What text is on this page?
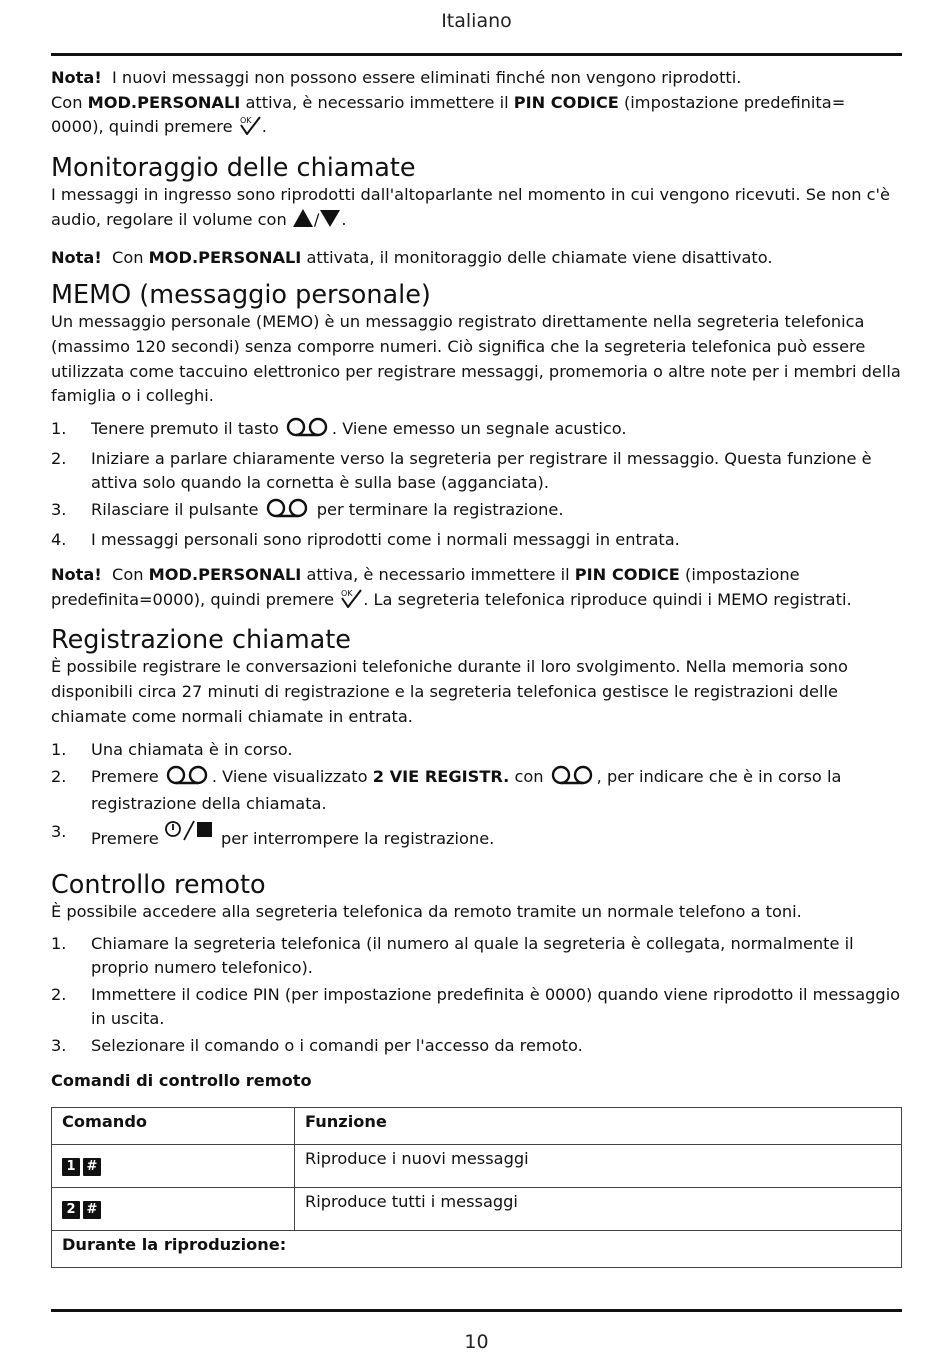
Italiano

Nota! I nuovi messaggi non possono essere eliminati finché non vengono riprodotti.

Con MOD.PERSONALI attiva, è necessario immettere il PIN CODICE (impostazione predefinita=

0000), quindi premere OK .

Monitoraggio delle chiamate

I messaggi in ingresso sono riprodotti dall'altoparlante nel momento in cui vengono ricevuti. Se non c'è audio, regolare il volume con / .

Nota! Con MOD.PERSONALI attivata, il monitoraggio delle chiamate viene disattivato.

MEMO (messaggio personale)

Un messaggio personale (MEMO) è un messaggio registrato direttamente nella segreteria telefonica (massimo 120 secondi) senza comporre numeri. Ciò significa che la segreteria telefonica può essere utilizzata come taccuino elettronico per registrare messaggi, promemoria o altre note per i membri della famiglia o i colleghi.

1. Tenere premuto il tasto	. Viene emesso un segnale acustico.
2. Iniziare a parlare chiaramente verso la segreteria per registrare il messaggio. Questa funzione è attiva solo quando la cornetta è sulla base (agganciata).
3. Rilasciare il pulsante	per terminare la registrazione.
4. I messaggi personali sono riprodotti come i normali messaggi in entrata.

Nota! Con MOD.PERSONALI attiva, è necessario immettere il PIN CODICE (impostazione predefinita=0000), quindi premere OK . La segreteria telefonica riproduce quindi i MEMO registrati.

Registrazione chiamate

È possibile registrare le conversazioni telefoniche durante il loro svolgimento. Nella memoria sono disponibili circa 27 minuti di registrazione e la segreteria telefonica gestisce le registrazioni delle chiamate come normali chiamate in entrata.

1. Una chiamata è in corso.
2. Premere	. Viene visualizzato 2 VIE REGISTR. con	, per indicare che è in corso la registrazione della chiamata.
3. Premere	per interrompere la registrazione.
Controllo remoto

È possibile accedere alla segreteria telefonica da remoto tramite un normale telefono a toni.

1. Chiamare la segreteria telefonica (il numero al quale la segreteria è collegata, normalmente il proprio numero telefonico).
2. Immettere il codice PIN (per impostazione predefinita è 0000) quando viene riprodotto il messaggio in uscita.
3. Selezionare il comando o i comandi per l'accesso da remoto.
Comandi di controllo remoto
Comando	Funzione
1 #	Riproduce i nuovi messaggi
2 #	Riproduce tutti i messaggi
Durante la riproduzione:	
10
